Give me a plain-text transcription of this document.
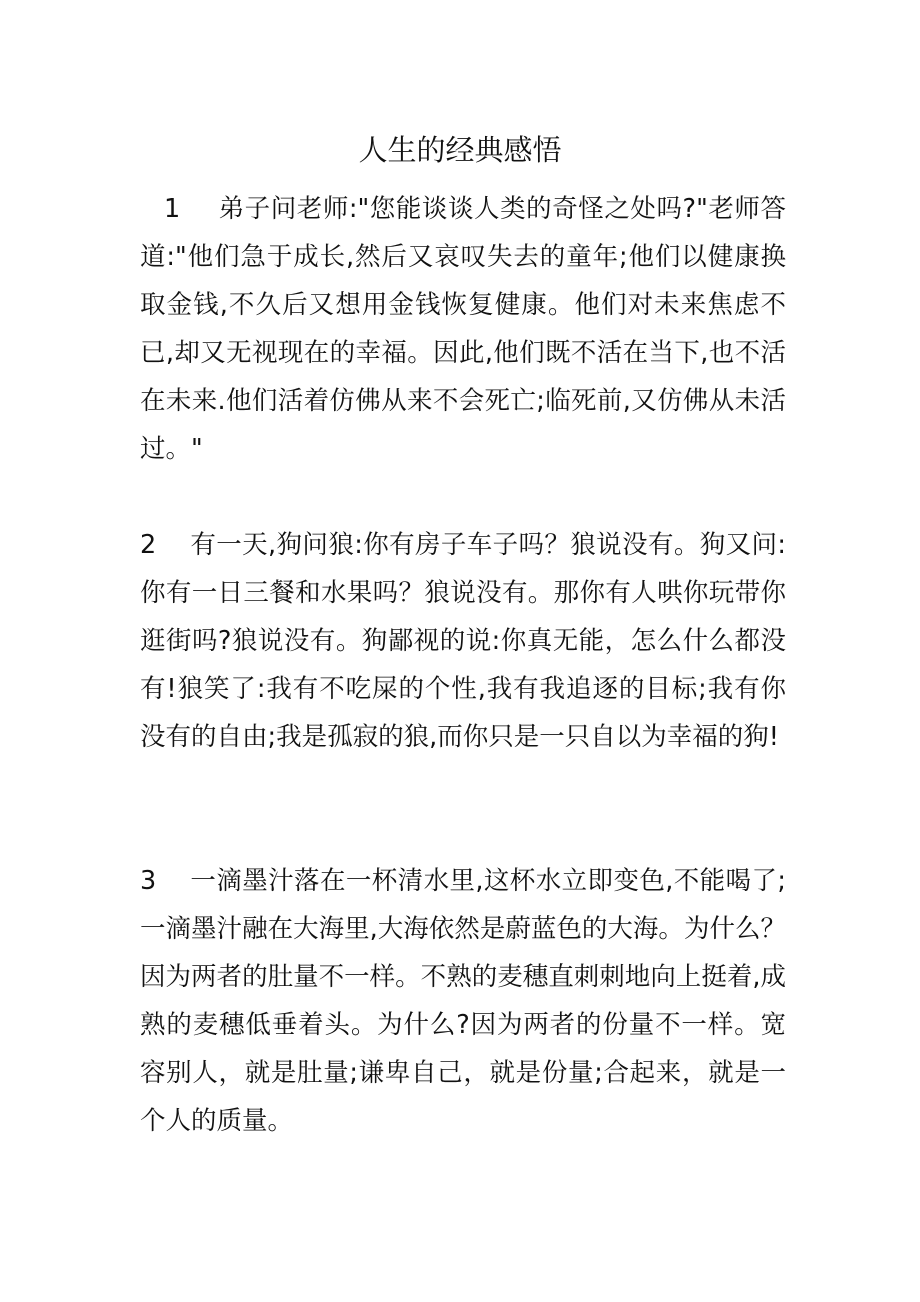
人生的经典感悟

1 弟子问老师:"您能谈谈人类的奇怪之处吗?"老师答道:"他们急于成长,然后又哀叹失去的童年;他们以健康换取金钱,不久后又想用金钱恢复健康。他们对未来焦虑不已,却又无视现在的幸福。因此,他们既不活在当下,也不活在未来.他们活着仿佛从来不会死亡;临死前,又仿佛从未活过。"

2 有一天,狗问狼:你有房子车子吗？狼说没有。狗又问:你有一日三餐和水果吗？狼说没有。那你有人哄你玩带你逛街吗?狼说没有。狗鄙视的说:你真无能，怎么什么都没有!狼笑了:我有不吃屎的个性,我有我追逐的目标;我有你没有的自由;我是孤寂的狼,而你只是一只自以为幸福的狗!

3 一滴墨汁落在一杯清水里,这杯水立即变色,不能喝了;一滴墨汁融在大海里,大海依然是蔚蓝色的大海。为什么？因为两者的肚量不一样。不熟的麦穗直刺刺地向上挺着,成熟的麦穗低垂着头。为什么?因为两者的份量不一样。宽容别人，就是肚量;谦卑自己，就是份量;合起来，就是一个人的质量。
